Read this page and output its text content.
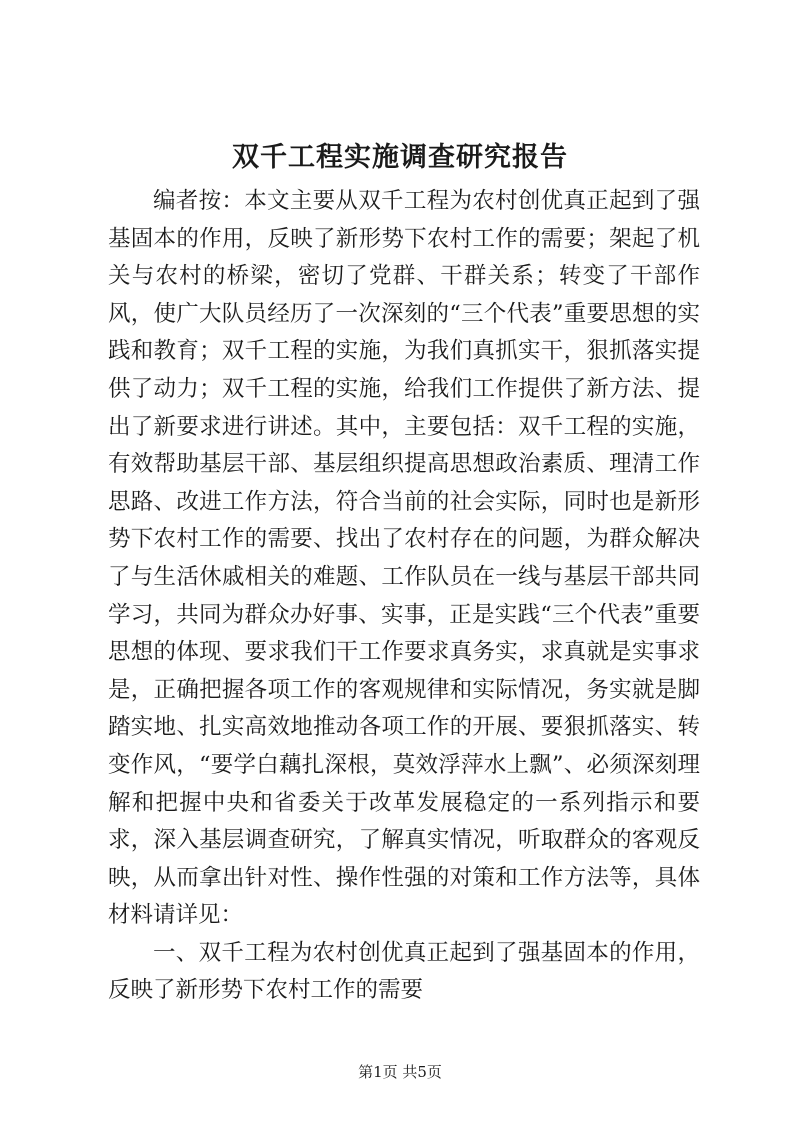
双千工程实施调查研究报告

编者按：本文主要从双千工程为农村创优真正起到了强基固本的作用，反映了新形势下农村工作的需要；架起了机关与农村的桥梁，密切了党群、干群关系；转变了干部作风，使广大队员经历了一次深刻的“三个代表”重要思想的实践和教育；双千工程的实施，为我们真抓实干，狠抓落实提供了动力；双千工程的实施，给我们工作提供了新方法、提出了新要求进行讲述。其中，主要包括：双千工程的实施，有效帮助基层干部、基层组织提高思想政治素质、理清工作思路、改进工作方法，符合当前的社会实际，同时也是新形势下农村工作的需要、找出了农村存在的问题，为群众解决了与生活休戚相关的难题、工作队员在一线与基层干部共同学习，共同为群众办好事、实事，正是实践“三个代表”重要思想的体现、要求我们干工作要求真务实，求真就是实事求是，正确把握各项工作的客观规律和实际情况，务实就是脚踏实地、扎实高效地推动各项工作的开展、要狠抓落实、转变作风，“要学白藕扎深根，莫效浮萍水上飘”、必须深刻理解和把握中央和省委关于改革发展稳定的一系列指示和要求，深入基层调查研究，了解真实情况，听取群众的客观反映，从而拿出针对性、操作性强的对策和工作方法等，具体材料请详见：

一、双千工程为农村创优真正起到了强基固本的作用，反映了新形势下农村工作的需要

第1页 共5页
